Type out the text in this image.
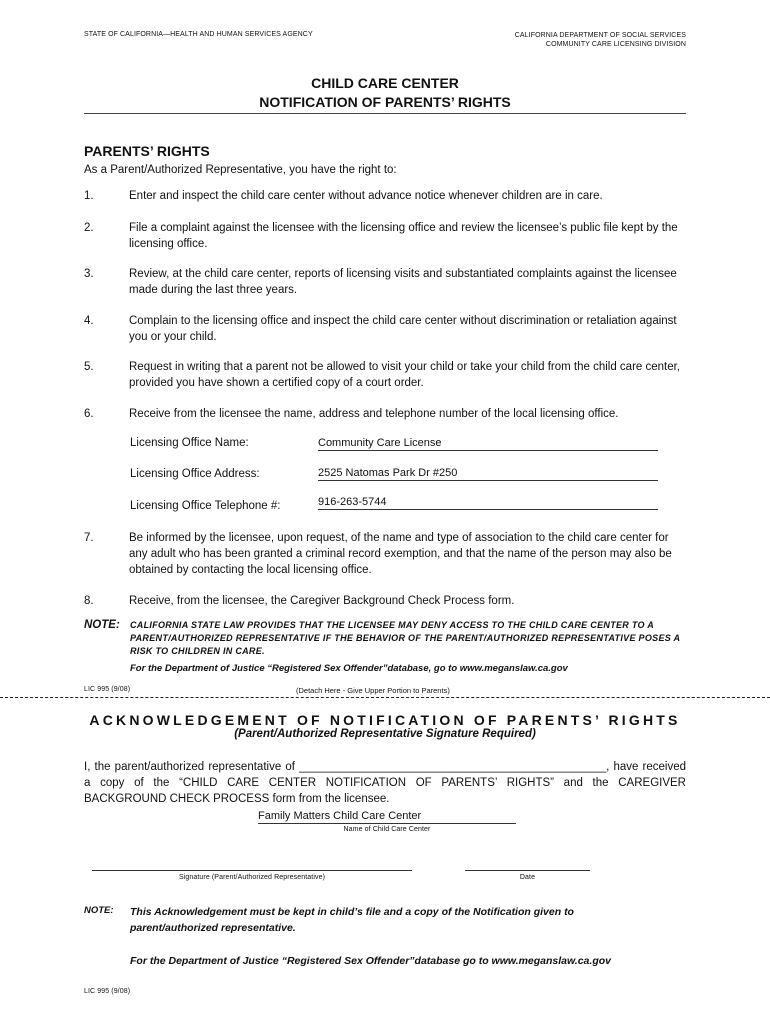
STATE OF CALIFORNIA—HEALTH AND HUMAN SERVICES AGENCY	CALIFORNIA DEPARTMENT OF SOCIAL SERVICES
COMMUNITY CARE LICENSING DIVISION
CHILD CARE CENTER
NOTIFICATION OF PARENTS’ RIGHTS
PARENTS’ RIGHTS
As a Parent/Authorized Representative, you have the right to:
1.	Enter and inspect the child care center without advance notice whenever children are in care.
2.	File a complaint against the licensee with the licensing office and review the licensee’s public file kept by the licensing office.
3.	Review, at the child care center, reports of licensing visits and substantiated complaints against the licensee made during the last three years.
4.	Complain to the licensing office and inspect the child care center without discrimination or retaliation against you or your child.
5.	Request in writing that a parent not be allowed to visit your child or take your child from the child care center, provided you have shown a certified copy of a court order.
6.	Receive from the licensee the name, address and telephone number of the local licensing office.
Licensing Office Name:	Community Care License
Licensing Office Address:	2525 Natomas Park Dr #250
Licensing Office Telephone #:	916-263-5744
7.	Be informed by the licensee, upon request, of the name and type of association to the child care center for any adult who has been granted a criminal record exemption, and that the name of the person may also be obtained by contacting the local licensing office.
8.	Receive, from the licensee, the Caregiver Background Check Process form.
NOTE: CALIFORNIA STATE LAW PROVIDES THAT THE LICENSEE MAY DENY ACCESS TO THE CHILD CARE CENTER TO A PARENT/AUTHORIZED REPRESENTATIVE IF THE BEHAVIOR OF THE PARENT/AUTHORIZED REPRESENTATIVE POSES A RISK TO CHILDREN IN CARE.
For the Department of Justice “Registered Sex Offender”database, go to www.meganslaw.ca.gov
LIC 995 (9/08)	(Detach Here - Give Upper Portion to Parents)
ACKNOWLEDGEMENT OF NOTIFICATION OF PARENTS’ RIGHTS
(Parent/Authorized Representative Signature Required)
I, the parent/authorized representative of ________________________________________________, have received a copy of the “CHILD CARE CENTER NOTIFICATION OF PARENTS’ RIGHTS” and the CAREGIVER BACKGROUND CHECK PROCESS form from the licensee.
Family Matters Child Care Center
Name of Child Care Center
Signature (Parent/Authorized Representative)	Date
NOTE: This Acknowledgement must be kept in child’s file and a copy of the Notification given to parent/authorized representative.
For the Department of Justice “Registered Sex Offender”database go to www.meganslaw.ca.gov
LIC 995 (9/08)
